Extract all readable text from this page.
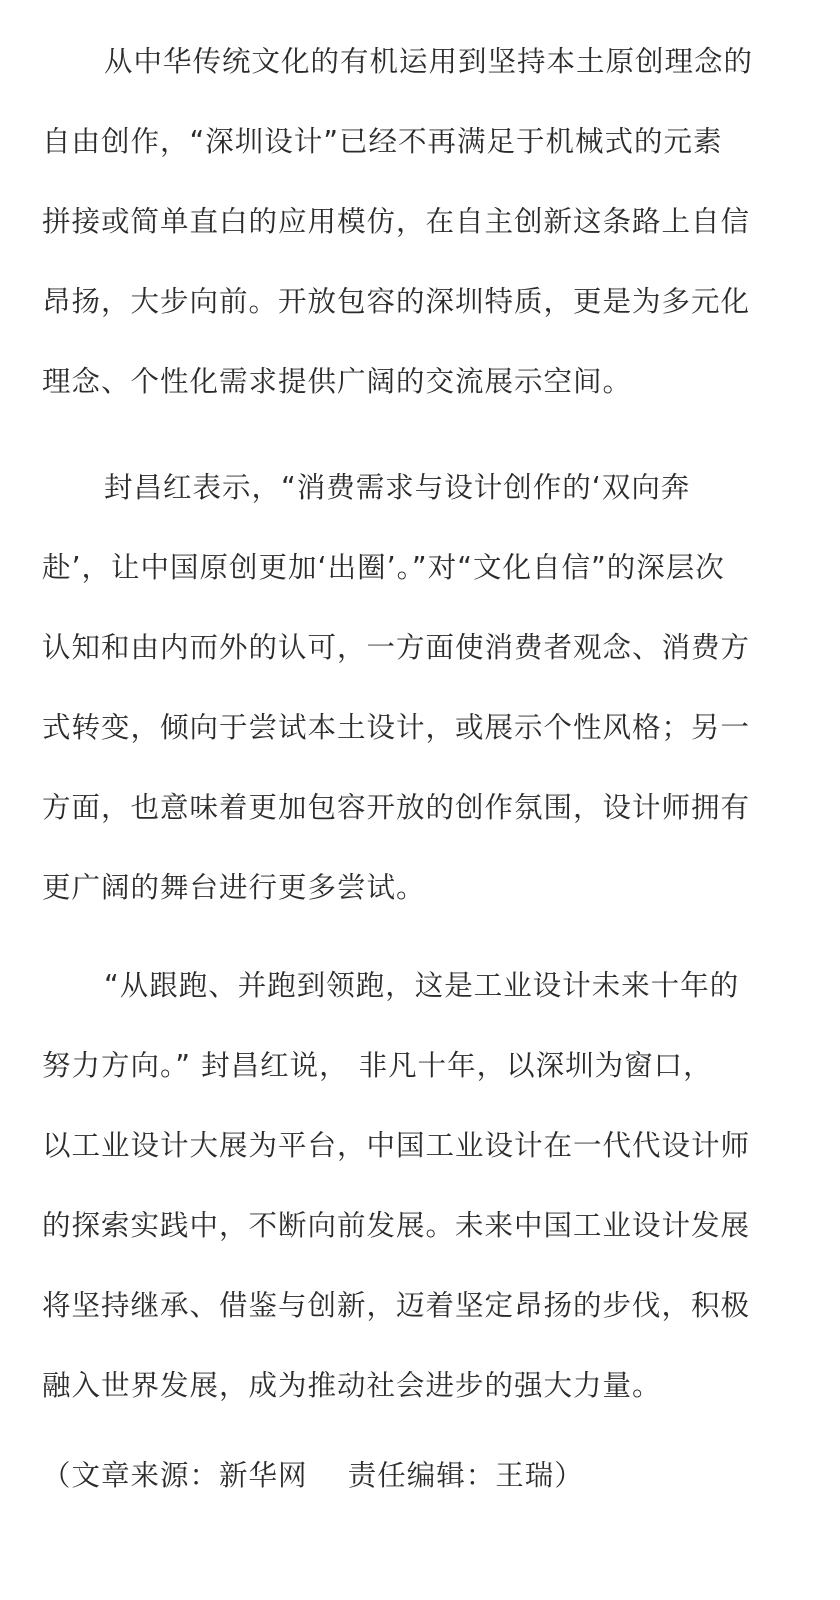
从中华传统文化的有机运用到坚持本土原创理念的
自由创作，“深圳设计”已经不再满足于机械式的元素
拼接或简单直白的应用模仿，在自主创新这条路上自信
昂扬，大步向前。开放包容的深圳特质，更是为多元化
理念、个性化需求提供广阔的交流展示空间。

封昌红表示，“消费需求与设计创作的‘双向奔
赴’，让中国原创更加‘出圈’。”对“文化自信”的深层次
认知和由内而外的认可，一方面使消费者观念、消费方
式转变，倾向于尝试本土设计，或展示个性风格；另一
方面，也意味着更加包容开放的创作氛围，设计师拥有
更广阔的舞台进行更多尝试。

“从跟跑、并跑到领跑，这是工业设计未来十年的
努力方向。” 封昌红说， 非凡十年，以深圳为窗口，
以工业设计大展为平台，中国工业设计在一代代设计师
的探索实践中，不断向前发展。未来中国工业设计发展
将坚持继承、借鉴与创新，迈着坚定昂扬的步伐，积极
融入世界发展，成为推动社会进步的强大力量。

（文章来源：新华网    责任编辑：王瑞）
